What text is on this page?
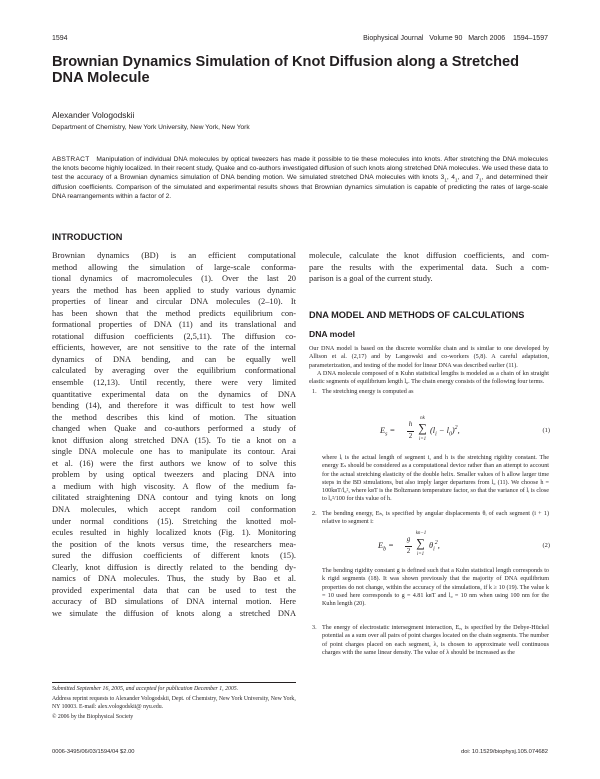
1594	Biophysical Journal Volume 90 March 2006 1594–1597
Brownian Dynamics Simulation of Knot Diffusion along a Stretched DNA Molecule
Alexander Vologodskii
Department of Chemistry, New York University, New York, New York
ABSTRACT Manipulation of individual DNA molecules by optical tweezers has made it possible to tie these molecules into knots. After stretching the DNA molecules the knots become highly localized. In their recent study, Quake and co-authors investigated diffusion of such knots along stretched DNA molecules. We used these data to test the accuracy of a Brownian dynamics simulation of DNA bending motion. We simulated stretched DNA molecules with knots $3_1$, $4_1$, and $7_1$, and determined their diffusion coefficients. Comparison of the simulated and experimental results shows that Brownian dynamics simulation is capable of predicting the rates of large-scale DNA rearrangements within a factor of 2.
INTRODUCTION
Brownian dynamics (BD) is an efficient computational
method allowing the simulation of large-scale conforma-
tional dynamics of macromolecules (1). Over the last 20
years the method has been applied to study various dynamic
properties of linear and circular DNA molecules (2–10). It
has been shown that the method predicts equilibrium con-
formational properties of DNA (11) and its translational and
rotational diffusion coefficients (2,5,11). The diffusion co-
efficients, however, are not sensitive to the rate of the internal
dynamics of DNA bending, and can be equally well
calculated by averaging over the equilibrium conformational
ensemble (12,13). Until recently, there were very limited
quantitative experimental data on the dynamics of DNA
bending (14), and therefore it was difficult to test how well
the method describes this kind of motion. The situation
changed when Quake and co-authors performed a study of
knot diffusion along stretched DNA (15). To tie a knot on a
single DNA molecule one has to manipulate its contour. Arai
et al. (16) were the first authors we know of to solve this
problem by using optical tweezers and placing DNA into
a medium with high viscosity. A flow of the medium fa-
cilitated straightening DNA contour and tying knots on long
DNA molecules, which accept random coil conformation
under normal conditions (15). Stretching the knotted mol-
ecules resulted in highly localized knots (Fig. 1). Monitoring
the position of the knots versus time, the researchers mea-
sured the diffusion coefficients of different knots (15).
Clearly, knot diffusion is directly related to the bending dy-
namics of DNA molecules. Thus, the study by Bao et al.
provided experimental data that can be used to test the
accuracy of BD simulations of DNA internal motion. Here
we simulate the diffusion of knots along a stretched DNA
molecule, calculate the knot diffusion coefficients, and com-
pare the results with the experimental data. Such a com-
parison is a goal of the current study.
DNA MODEL AND METHODS OF CALCULATIONS
DNA model

Our DNA model is based on the discrete wormlike chain and is similar to one developed by Allison et al. (2,17) and by Langowski and co-workers (5,8). A careful adaptation, parameterization, and testing of the model for linear DNA was described earlier (11).

A DNA molecule composed of n Kuhn statistical lengths is modeled as a chain of kn straight elastic segments of equilibrium length l₀. The chain energy consists of the following four terms.

1. The stretching energy is computed as
$E_s$ =
h
2
nk
∑
i=1
$(l_i - l_0)^2$,	(1)
where lᵢ is the actual length of segment i, and h is the stretching rigidity constant. The energy Eₛ should be considered as a computational device rather than an attempt to account for the actual stretching elasticity of the double helix. Smaller values of h allow larger time steps in the BD simulations, but also imply larger departures from l₀ (11). We choose h = 100kʙT/l₀², where kʙT is the Boltzmann temperature factor, so that the variance of lᵢ is close to l₀²/100 for this value of h.
2. The bending energy, Eₕ, is specified by angular displacements θᵢ of each segment (i + 1) relative to segment i:
$E_b$ =
g
2
kn−1
∑
i=1
$\theta_i^2$,	(2)
The bending rigidity constant g is defined such that a Kuhn statistical length corresponds to k rigid segments (18). It was shown previously that the majority of DNA equilibrium properties do not change, within the accuracy of the simulations, if k ≥ 10 (19). The value k = 10 used here corresponds to g = 4.81 kʙT and l₀ = 10 nm when using 100 nm for the Kuhn length (20).
3. The energy of electrostatic intersegment interaction, Eₑ, is specified by the Debye-Hückel potential as a sum over all pairs of point charges located on the chain segments. The number of point charges placed on each segment, λ, is chosen to approximate well continuous charges with the same linear density. The value of λ should be increased as the
Submitted September 16, 2005, and accepted for publication December 1, 2005.
Address reprint requests to Alexander Vologodskii, Dept. of Chemistry, New York University, New York, NY 10003. E-mail: alex.vologodskii@ nyu.edu.
© 2006 by the Biophysical Society
0006-3495/06/03/1594/04 $2.00	doi: 10.1529/biophysj.105.074682
